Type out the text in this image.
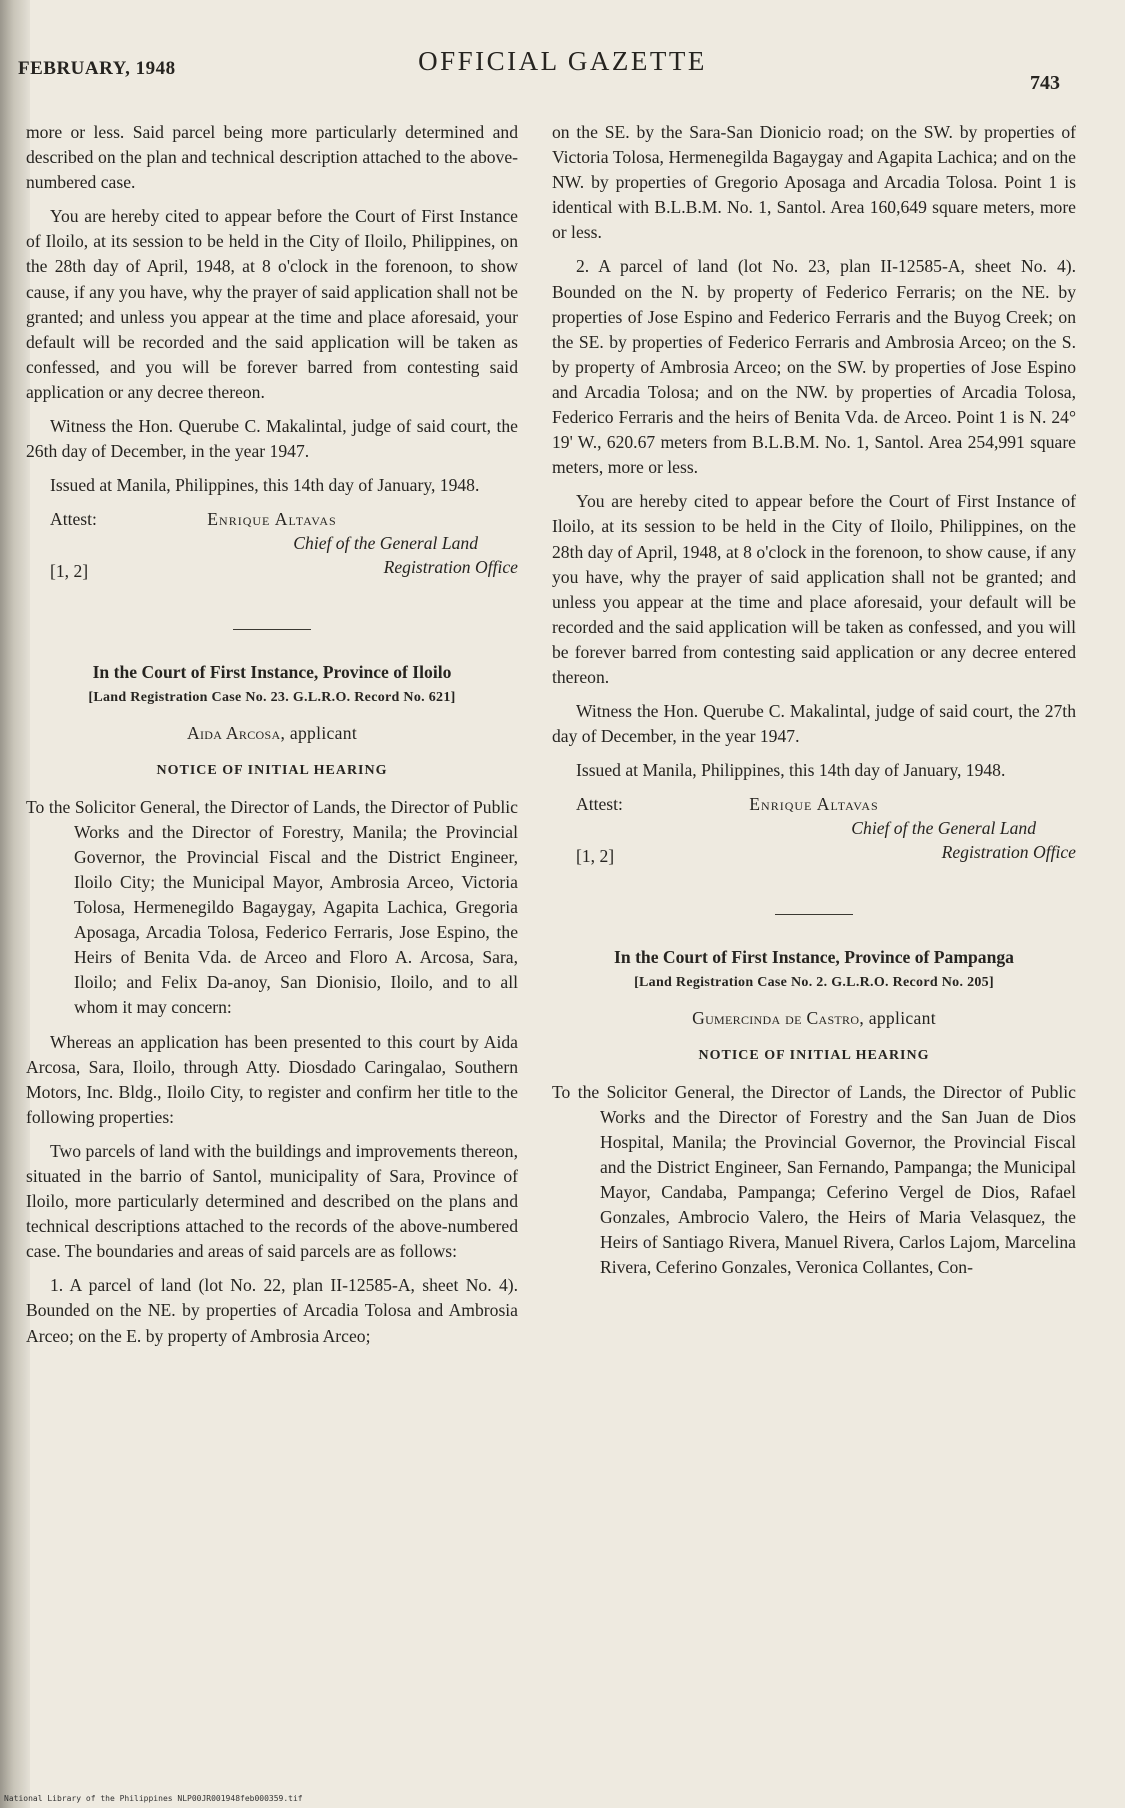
FEBRUARY, 1948	OFFICIAL GAZETTE
743

more or less. Said parcel being more particularly determined and described on the plan and technical description attached to the above-numbered case.

You are hereby cited to appear before the Court of First Instance of Iloilo, at its session to be held in the City of Iloilo, Philippines, on the 28th day of April, 1948, at 8 o'clock in the forenoon, to show cause, if any you have, why the prayer of said application shall not be granted; and unless you appear at the time and place aforesaid, your default will be recorded and the said application will be taken as confessed, and you will be forever barred from contesting said application or any decree thereon.

Witness the Hon. Querube C. Makalintal, judge of said court, the 26th day of December, in the year 1947.

Issued at Manila, Philippines, this 14th day of January, 1948.

Attest:	Enrique Altavas
Chief of the General Land
Registration Office
[1, 2]
In the Court of First Instance, Province of Iloilo
[Land Registration Case No. 23. G.L.R.O. Record No. 621]
Aida Arcosa, applicant
NOTICE OF INITIAL HEARING

To the Solicitor General, the Director of Lands, the Director of Public Works and the Director of Forestry, Manila; the Provincial Governor, the Provincial Fiscal and the District Engineer, Iloilo City; the Municipal Mayor, Ambrosia Arceo, Victoria Tolosa, Hermenegildo Bagaygay, Agapita Lachica, Gregoria Aposaga, Arcadia Tolosa, Federico Ferraris, Jose Espino, the Heirs of Benita Vda. de Arceo and Floro A. Arcosa, Sara, Iloilo; and Felix Da-anoy, San Dionisio, Iloilo, and to all whom it may concern:

Whereas an application has been presented to this court by Aida Arcosa, Sara, Iloilo, through Atty. Diosdado Caringalao, Southern Motors, Inc. Bldg., Iloilo City, to register and confirm her title to the following properties:

Two parcels of land with the buildings and improvements thereon, situated in the barrio of Santol, municipality of Sara, Province of Iloilo, more particularly determined and described on the plans and technical descriptions attached to the records of the above-numbered case. The boundaries and areas of said parcels are as follows:

1. A parcel of land (lot No. 22, plan II-12585-A, sheet No. 4). Bounded on the NE. by properties of Arcadia Tolosa and Ambrosia Arceo; on the E. by property of Ambrosia Arceo;

on the SE. by the Sara-San Dionicio road; on the SW. by properties of Victoria Tolosa, Hermenegilda Bagaygay and Agapita Lachica; and on the NW. by properties of Gregorio Aposaga and Arcadia Tolosa. Point 1 is identical with B.L.B.M. No. 1, Santol. Area 160,649 square meters, more or less.

2. A parcel of land (lot No. 23, plan II-12585-A, sheet No. 4). Bounded on the N. by property of Federico Ferraris; on the NE. by properties of Jose Espino and Federico Ferraris and the Buyog Creek; on the SE. by properties of Federico Ferraris and Ambrosia Arceo; on the S. by property of Ambrosia Arceo; on the SW. by properties of Jose Espino and Arcadia Tolosa; and on the NW. by properties of Arcadia Tolosa, Federico Ferraris and the heirs of Benita Vda. de Arceo. Point 1 is N. 24° 19' W., 620.67 meters from B.L.B.M. No. 1, Santol. Area 254,991 square meters, more or less.

You are hereby cited to appear before the Court of First Instance of Iloilo, at its session to be held in the City of Iloilo, Philippines, on the 28th day of April, 1948, at 8 o'clock in the forenoon, to show cause, if any you have, why the prayer of said application shall not be granted; and unless you appear at the time and place aforesaid, your default will be recorded and the said application will be taken as confessed, and you will be forever barred from contesting said application or any decree entered thereon.

Witness the Hon. Querube C. Makalintal, judge of said court, the 27th day of December, in the year 1947.

Issued at Manila, Philippines, this 14th day of January, 1948.

Attest:	Enrique Altavas
Chief of the General Land
Registration Office
[1, 2]
In the Court of First Instance, Province of Pampanga
[Land Registration Case No. 2. G.L.R.O. Record No. 205]
Gumercinda de Castro, applicant
NOTICE OF INITIAL HEARING

To the Solicitor General, the Director of Lands, the Director of Public Works and the Director of Forestry and the San Juan de Dios Hospital, Manila; the Provincial Governor, the Provincial Fiscal and the District Engineer, San Fernando, Pampanga; the Municipal Mayor, Candaba, Pampanga; Ceferino Vergel de Dios, Rafael Gonzales, Ambrocio Valero, the Heirs of Maria Velasquez, the Heirs of Santiago Rivera, Manuel Rivera, Carlos Lajom, Marcelina Rivera, Ceferino Gonzales, Veronica Collantes, Con-

National Library of the Philippines NLP00JR001948feb000359.tif
